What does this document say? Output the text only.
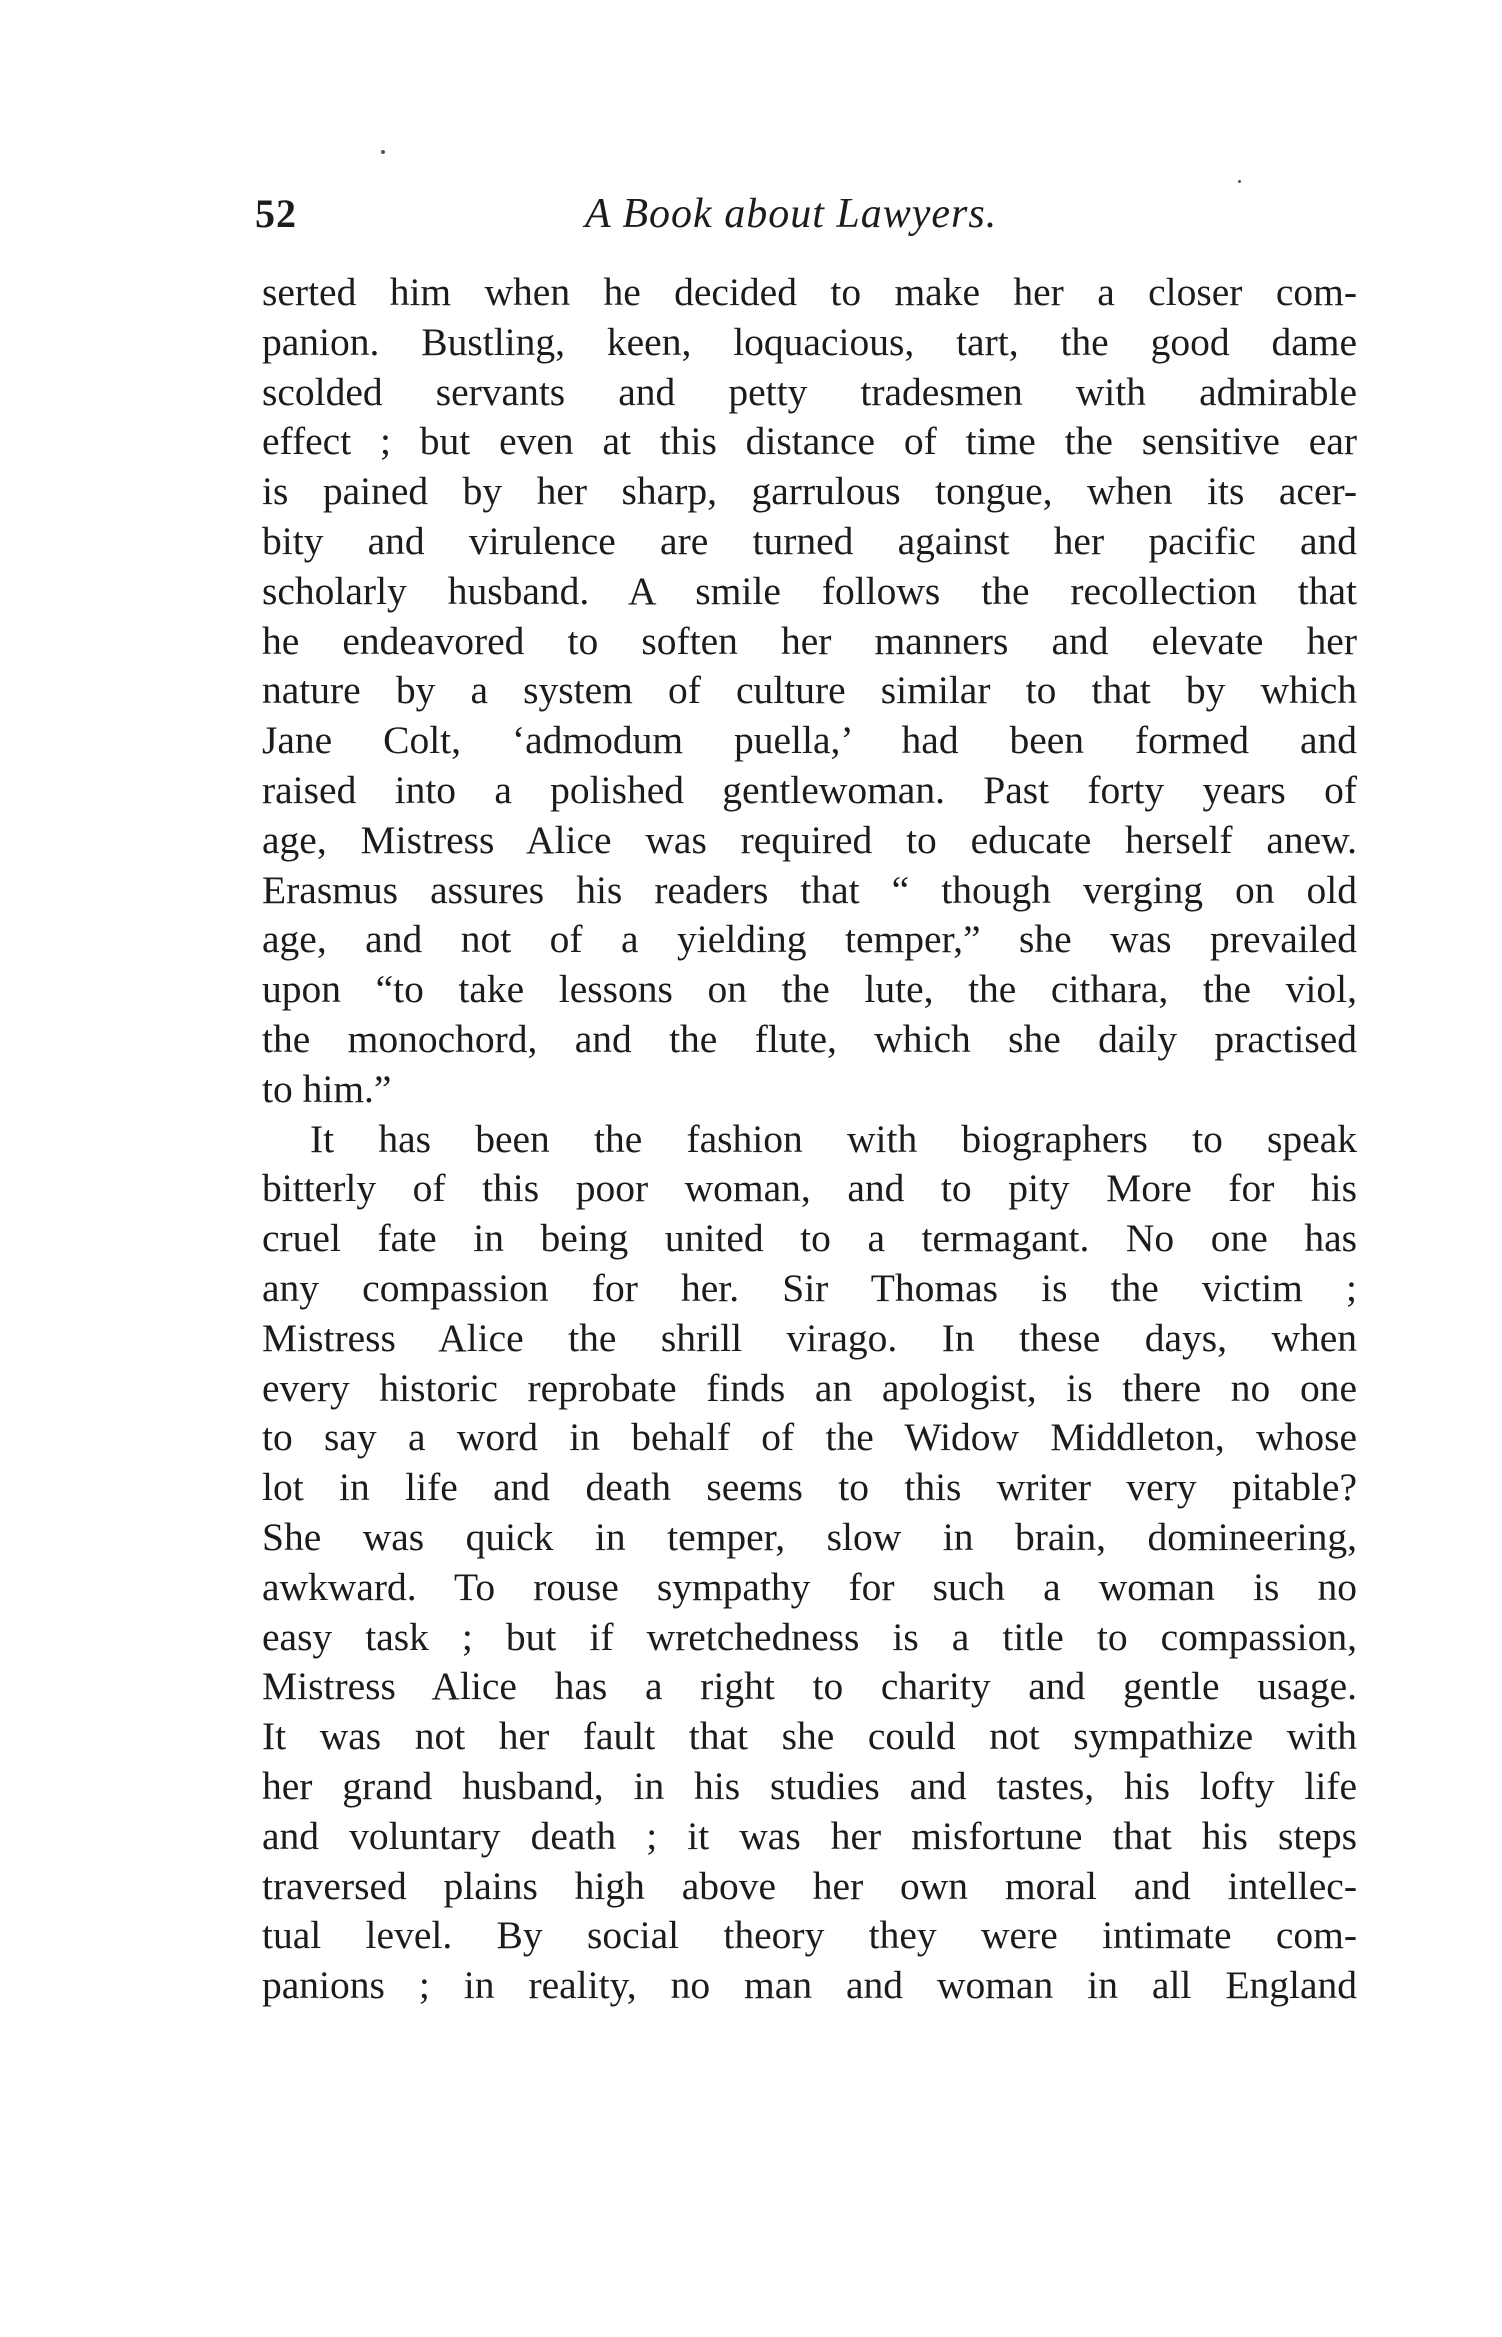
52	A Book about Lawyers.
serted him when he decided to make her a closer com-
panion. Bustling, keen, loquacious, tart, the good dame
scolded servants and petty tradesmen with admirable
effect ; but even at this distance of time the sensitive ear
is pained by her sharp, garrulous tongue, when its acer-
bity and virulence are turned against her pacific and
scholarly husband. A smile follows the recollection that
he endeavored to soften her manners and elevate her
nature by a system of culture similar to that by which
Jane Colt, ‘admodum puella,’ had been formed and
raised into a polished gentlewoman. Past forty years of
age, Mistress Alice was required to educate herself anew.
Erasmus assures his readers that “ though verging on old
age, and not of a yielding temper,” she was prevailed
upon “to take lessons on the lute, the cithara, the viol,
the monochord, and the flute, which she daily practised
to him.”
It has been the fashion with biographers to speak
bitterly of this poor woman, and to pity More for his
cruel fate in being united to a termagant. No one has
any compassion for her. Sir Thomas is the victim ;
Mistress Alice the shrill virago. In these days, when
every historic reprobate finds an apologist, is there no one
to say a word in behalf of the Widow Middleton, whose
lot in life and death seems to this writer very pitable?
She was quick in temper, slow in brain, domineering,
awkward. To rouse sympathy for such a woman is no
easy task ; but if wretchedness is a title to compassion,
Mistress Alice has a right to charity and gentle usage.
It was not her fault that she could not sympathize with
her grand husband, in his studies and tastes, his lofty life
and voluntary death ; it was her misfortune that his steps
traversed plains high above her own moral and intellec-
tual level. By social theory they were intimate com-
panions ; in reality, no man and woman in all England
